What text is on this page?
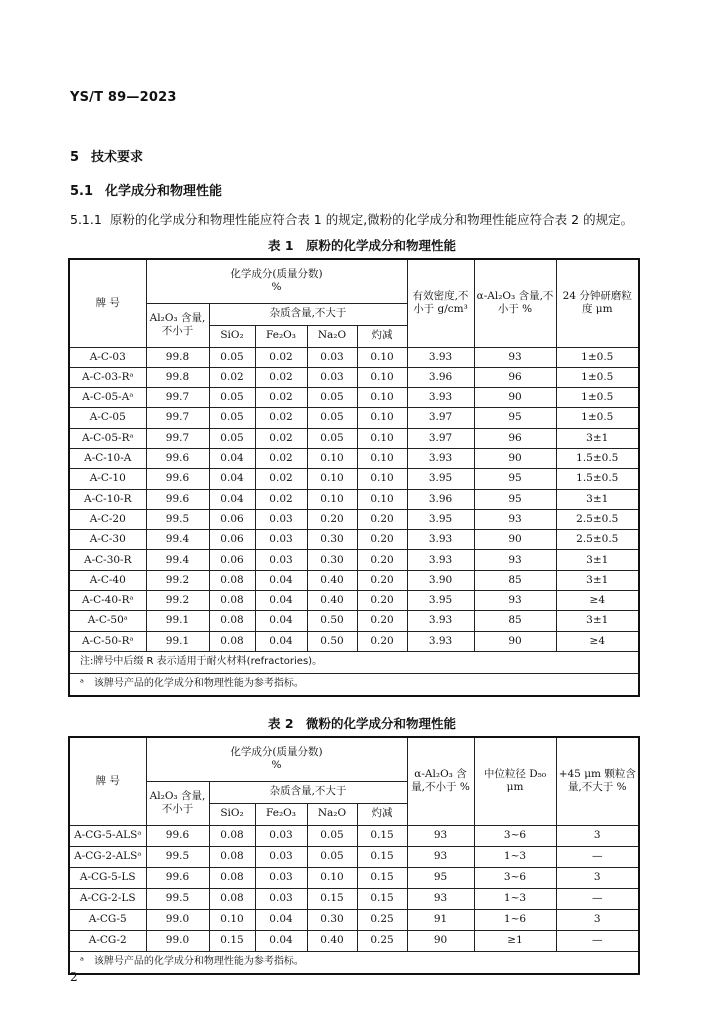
YS/T 89—2023
5 技术要求
5.1 化学成分和物理性能
5.1.1 原粉的化学成分和物理性能应符合表 1 的规定,微粉的化学成分和物理性能应符合表 2 的规定。
表 1　原粉的化学成分和物理性能
牌 号	化学成分(质量分数)
%					有效密度,不小于 g/cm³	α-Al₂O₃ 含量,不小于 %	24 分钟研磨粒度 μm
	Al₂O₃ 含量,不小于	杂质含量,不大于						
		SiO₂	Fe₂O₃	Na₂O	灼减			
A-C-03	99.8	0.05	0.02	0.03	0.10	3.93	93	1±0.5
A-C-03-Rᵃ	99.8	0.02	0.02	0.03	0.10	3.96	96	1±0.5
A-C-05-Aᵃ	99.7	0.05	0.02	0.05	0.10	3.93	90	1±0.5
A-C-05	99.7	0.05	0.02	0.05	0.10	3.97	95	1±0.5
A-C-05-Rᵃ	99.7	0.05	0.02	0.05	0.10	3.97	96	3±1
A-C-10-A	99.6	0.04	0.02	0.10	0.10	3.93	90	1.5±0.5
A-C-10	99.6	0.04	0.02	0.10	0.10	3.95	95	1.5±0.5
A-C-10-R	99.6	0.04	0.02	0.10	0.10	3.96	95	3±1
A-C-20	99.5	0.06	0.03	0.20	0.20	3.95	93	2.5±0.5
A-C-30	99.4	0.06	0.03	0.30	0.20	3.93	90	2.5±0.5
A-C-30-R	99.4	0.06	0.03	0.30	0.20	3.93	93	3±1
A-C-40	99.2	0.08	0.04	0.40	0.20	3.90	85	3±1
A-C-40-Rᵃ	99.2	0.08	0.04	0.40	0.20	3.95	93	≥4
A-C-50ᵃ	99.1	0.08	0.04	0.50	0.20	3.93	85	3±1
A-C-50-Rᵃ	99.1	0.08	0.04	0.50	0.20	3.93	90	≥4
注:牌号中后缀 R 表示适用于耐火材料(refractories)。								
ᵃ　该牌号产品的化学成分和物理性能为参考指标。								
表 2　微粉的化学成分和物理性能
牌 号	化学成分(质量分数)
%					α-Al₂O₃ 含量,不小于 %	中位粒径 D₅₀ μm	+45 μm 颗粒含量,不大于 %
	Al₂O₃ 含量,不小于	杂质含量,不大于						
		SiO₂	Fe₂O₃	Na₂O	灼减			
A-CG-5-ALSᵃ	99.6	0.08	0.03	0.05	0.15	93	3~6	3
A-CG-2-ALSᵃ	99.5	0.08	0.03	0.05	0.15	93	1~3	—
A-CG-5-LS	99.6	0.08	0.03	0.10	0.15	95	3~6	3
A-CG-2-LS	99.5	0.08	0.03	0.15	0.15	93	1~3	—
A-CG-5	99.0	0.10	0.04	0.30	0.25	91	1~6	3
A-CG-2	99.0	0.15	0.04	0.40	0.25	90	≥1	—
ᵃ　该牌号产品的化学成分和物理性能为参考指标。								
2
